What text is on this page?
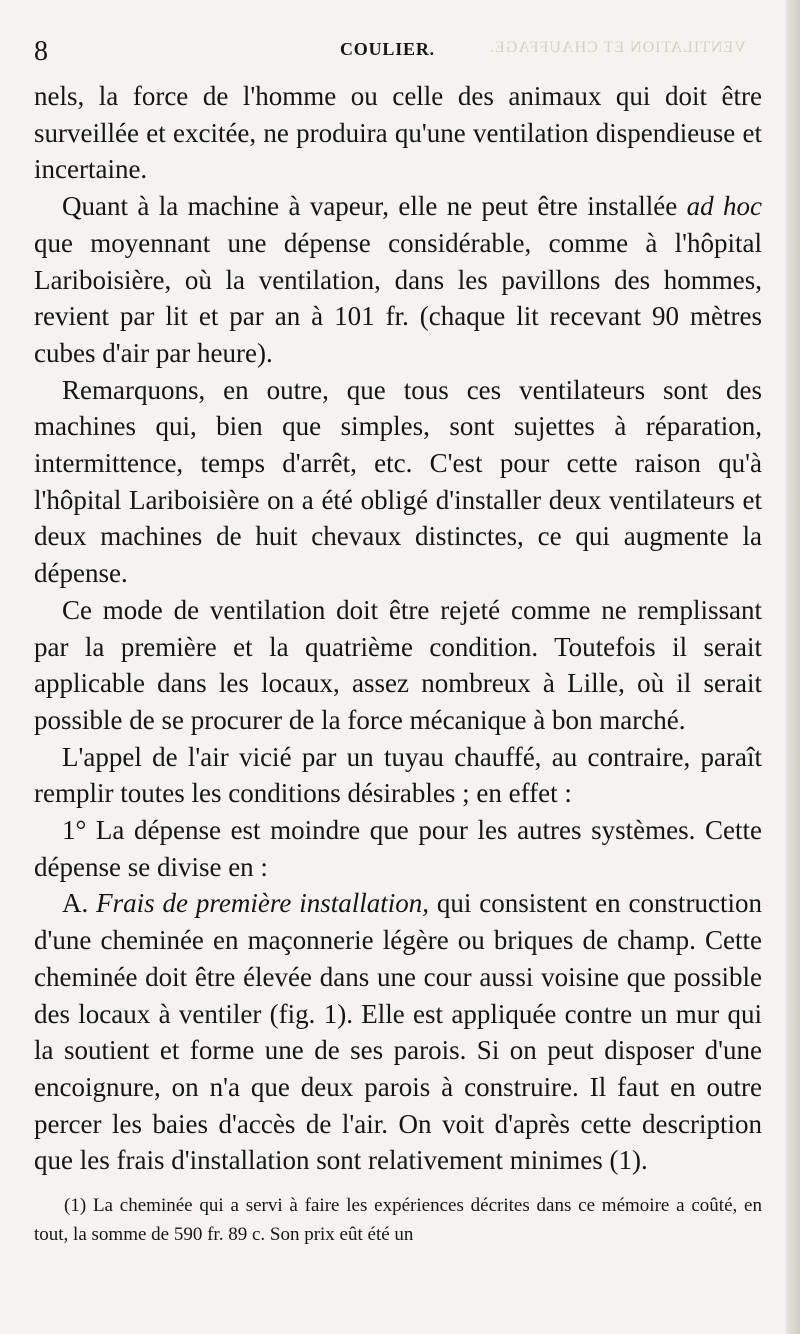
8	VENTILATION ET CHAUFFAGE.
COULIER.

nels, la force de l'homme ou celle des animaux qui doit être surveillée et excitée, ne produira qu'une ventilation dispendieuse et incertaine.

Quant à la machine à vapeur, elle ne peut être installée ad hoc que moyennant une dépense considérable, comme à l'hôpital Lariboisière, où la ventilation, dans les pavillons des hommes, revient par lit et par an à 101 fr. (chaque lit recevant 90 mètres cubes d'air par heure).

Remarquons, en outre, que tous ces ventilateurs sont des machines qui, bien que simples, sont sujettes à réparation, intermittence, temps d'arrêt, etc. C'est pour cette raison qu'à l'hôpital Lariboisière on a été obligé d'installer deux ventilateurs et deux machines de huit chevaux distinctes, ce qui augmente la dépense.

Ce mode de ventilation doit être rejeté comme ne remplissant par la première et la quatrième condition. Toutefois il serait applicable dans les locaux, assez nombreux à Lille, où il serait possible de se procurer de la force mécanique à bon marché.

L'appel de l'air vicié par un tuyau chauffé, au contraire, paraît remplir toutes les conditions désirables ; en effet :

1° La dépense est moindre que pour les autres systèmes. Cette dépense se divise en :

A. Frais de première installation, qui consistent en construction d'une cheminée en maçonnerie légère ou briques de champ. Cette cheminée doit être élevée dans une cour aussi voisine que possible des locaux à ventiler (fig. 1). Elle est appliquée contre un mur qui la soutient et forme une de ses parois. Si on peut disposer d'une encoignure, on n'a que deux parois à construire. Il faut en outre percer les baies d'accès de l'air. On voit d'après cette description que les frais d'installation sont relativement minimes (1).

(1) La cheminée qui a servi à faire les expériences décrites dans ce mémoire a coûté, en tout, la somme de 590 fr. 89 c. Son prix eût été un
